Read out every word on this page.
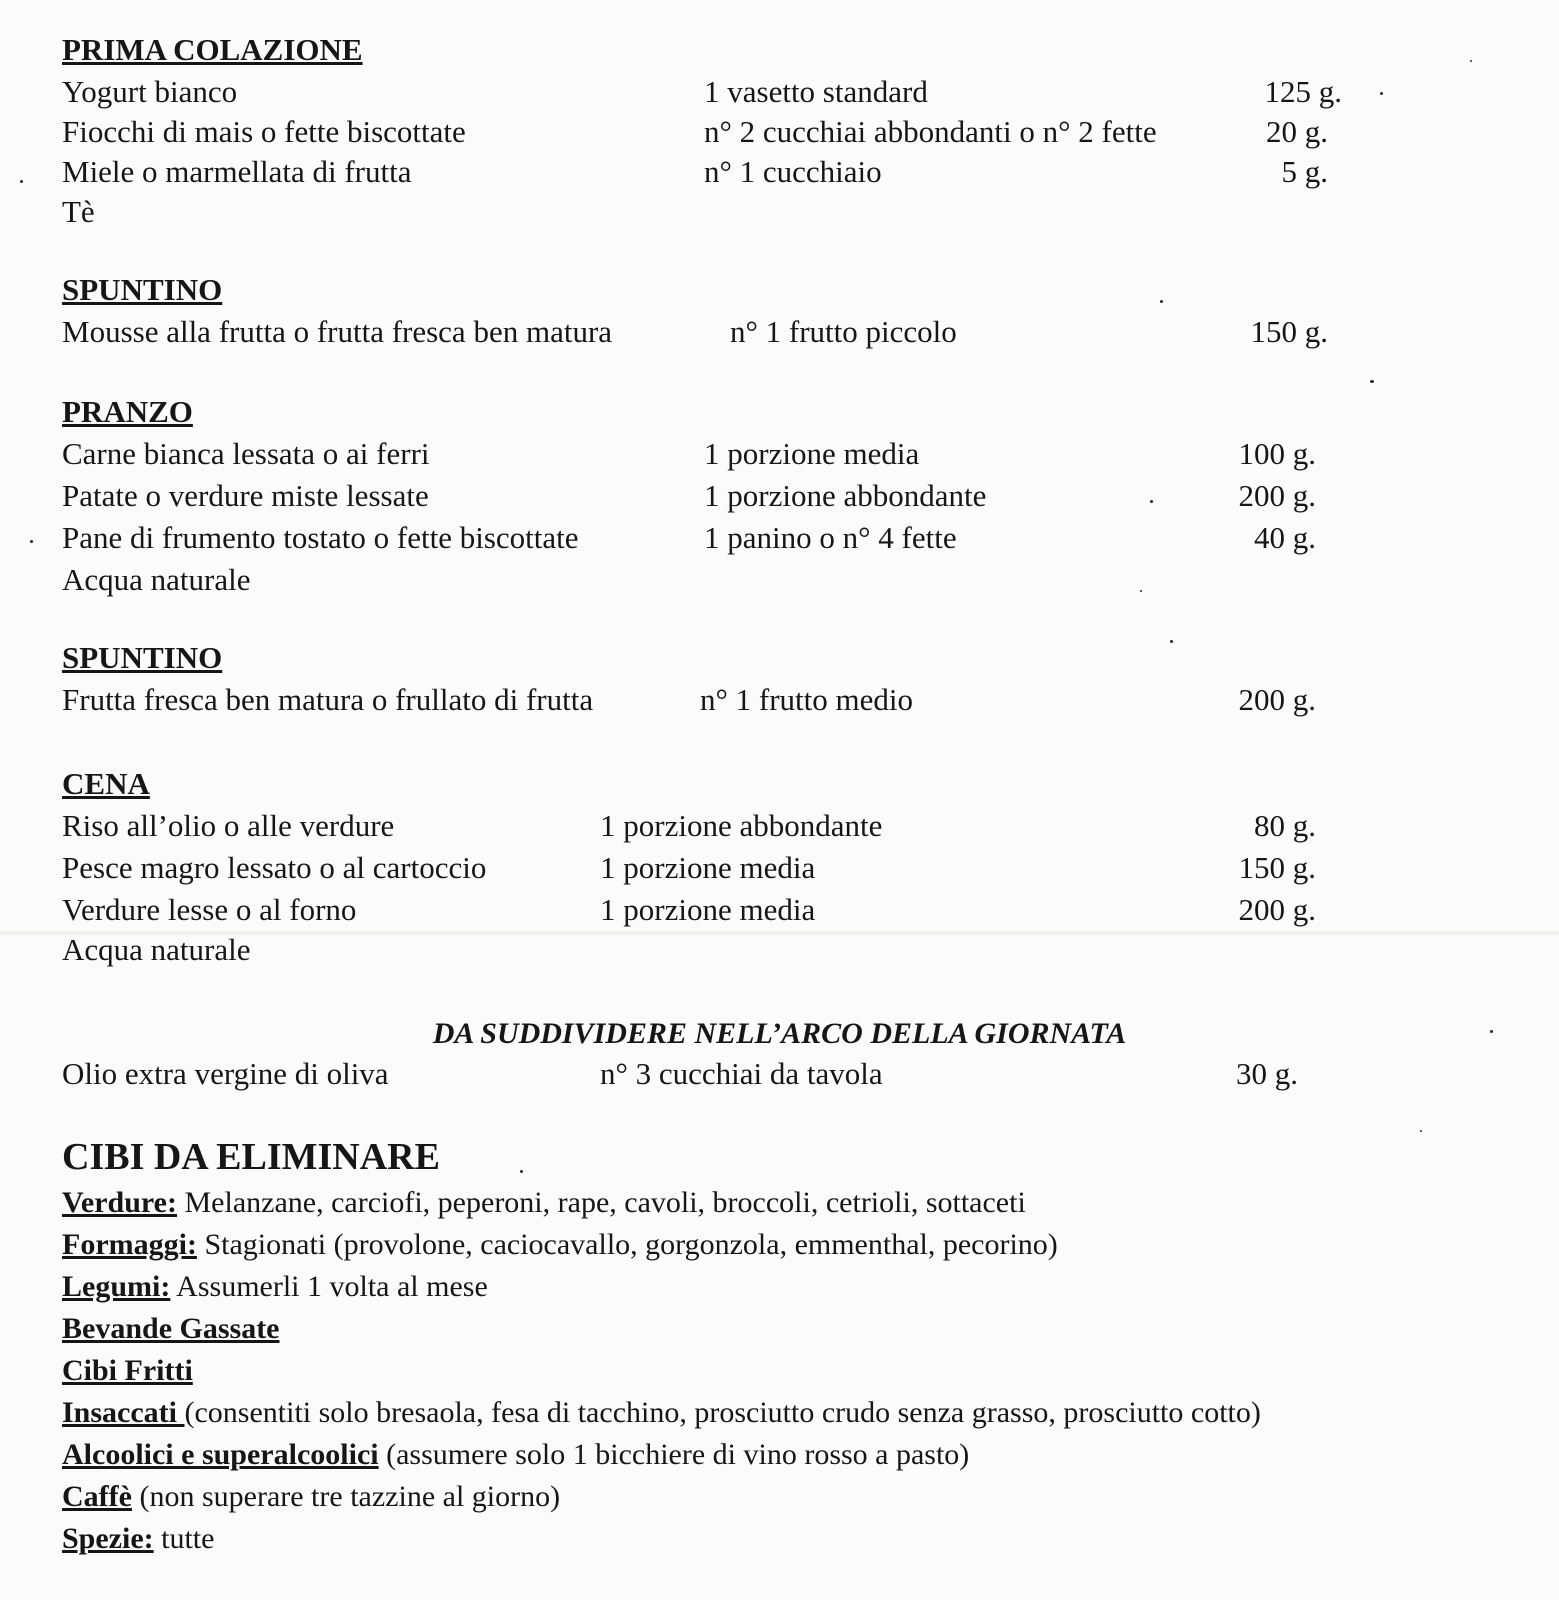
PRIMA COLAZIONE
Yogurt bianco	1 vasetto standard	125 g.
Fiocchi di mais o fette biscottate	n° 2 cucchiai abbondanti o n° 2 fette	20 g.
Miele o marmellata di frutta	n° 1 cucchiaio	5 g.
Tè
SPUNTINO
Mousse alla frutta o frutta fresca ben matura	n° 1 frutto piccolo	150 g.
PRANZO
Carne bianca lessata o ai ferri	1 porzione media	100 g.
Patate o verdure miste lessate	1 porzione abbondante	200 g.
Pane di frumento tostato o fette biscottate	1 panino o n° 4 fette	40 g.
Acqua naturale
SPUNTINO
Frutta fresca ben matura o frullato di frutta	n° 1 frutto medio	200 g.
CENA
Riso all’olio o alle verdure	1 porzione abbondante	80 g.
Pesce magro lessato o al cartoccio	1 porzione media	150 g.
Verdure lesse o al forno	1 porzione media	200 g.
Acqua naturale
DA SUDDIVIDERE NELL’ARCO DELLA GIORNATA
Olio extra vergine di oliva	n° 3 cucchiai da tavola	30 g.
CIBI DA ELIMINARE
Verdure: Melanzane, carciofi, peperoni, rape, cavoli, broccoli, cetrioli, sottaceti
Formaggi: Stagionati (provolone, caciocavallo, gorgonzola, emmenthal, pecorino)
Legumi: Assumerli 1 volta al mese
Bevande Gassate
Cibi Fritti
Insaccati (consentiti solo bresaola, fesa di tacchino, prosciutto crudo senza grasso, prosciutto cotto)
Alcoolici e superalcoolici (assumere solo 1 bicchiere di vino rosso a pasto)
Caffè (non superare tre tazzine al giorno)
Spezie: tutte
